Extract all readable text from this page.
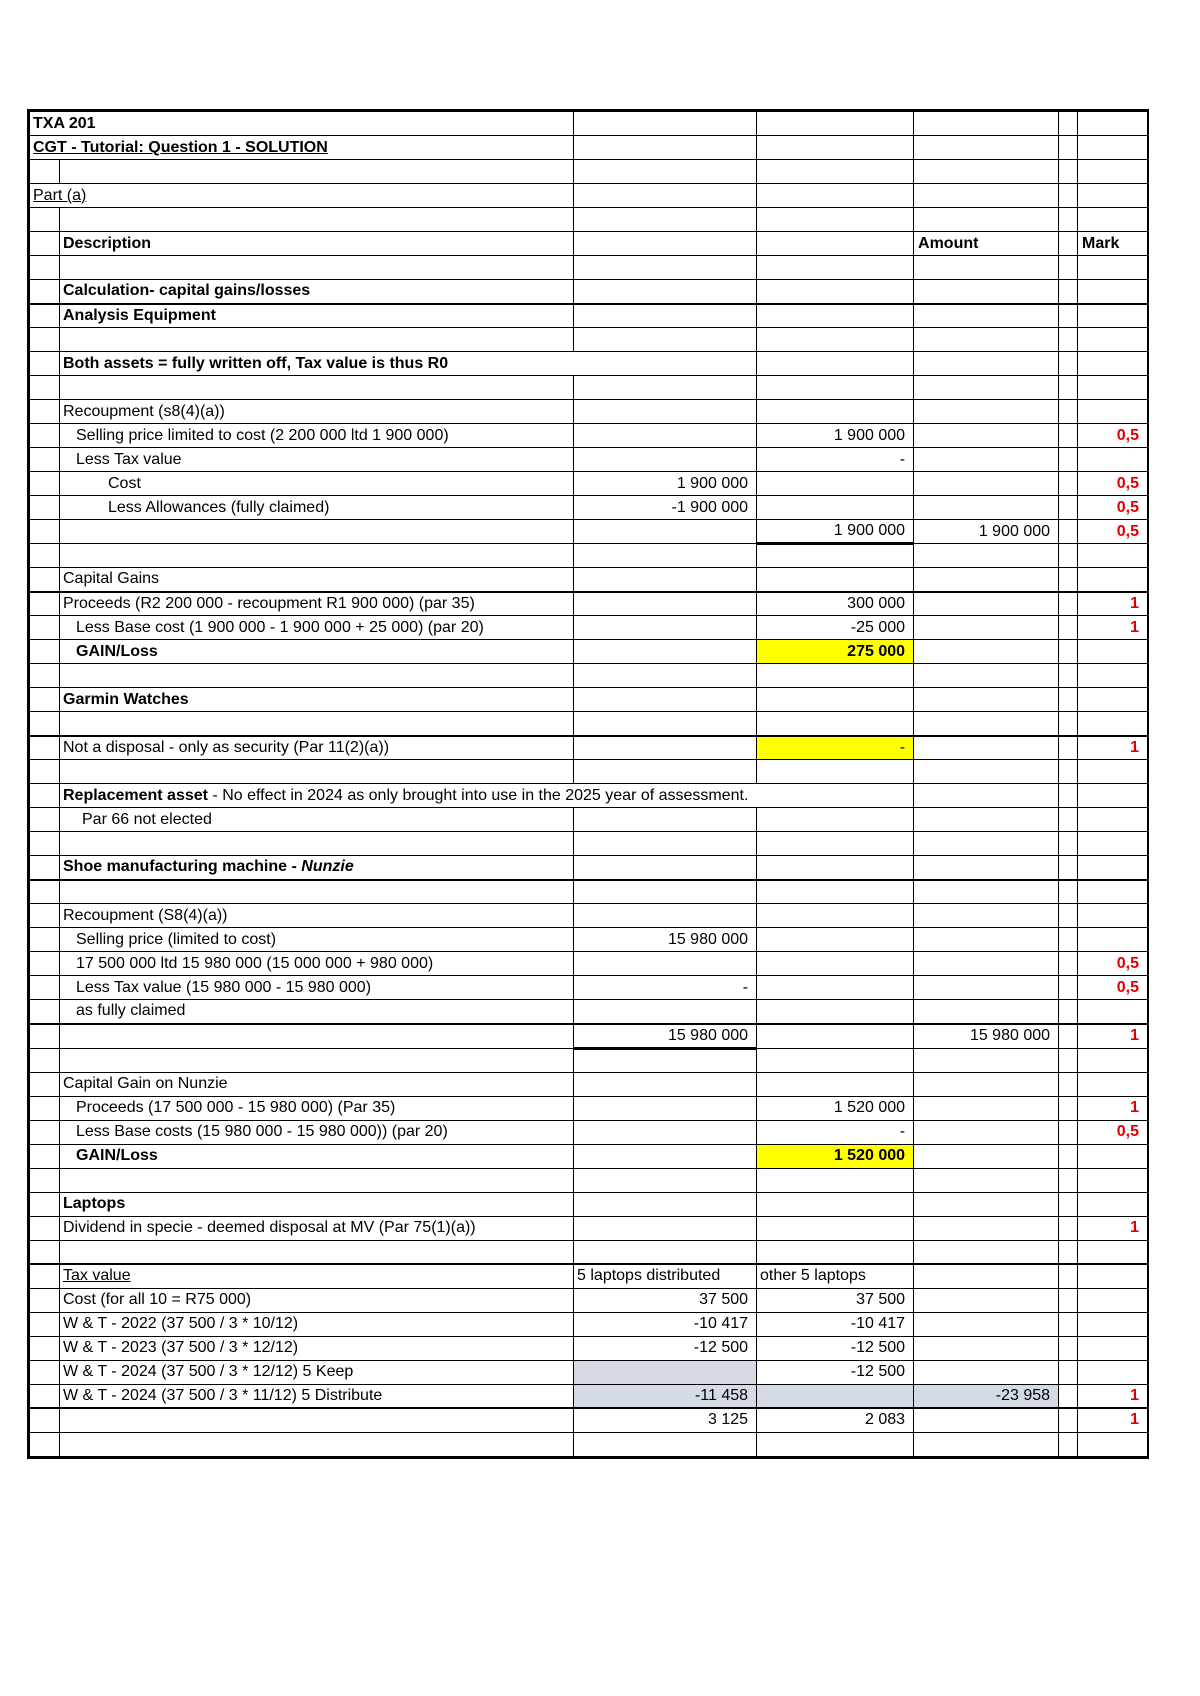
TXA 201						
CGT - Tutorial: Question 1 - SOLUTION						

Part (a)						

	Description			Amount		Mark

	Calculation- capital gains/losses					
	Analysis Equipment					

	Both assets = fully written off, Tax value is thus R0					

	Recoupment (s8(4)(a))					
	Selling price limited to cost (2 200 000 ltd 1 900 000)		1 900 000			0,5
	Less Tax value		-			
	Cost	1 900 000				0,5
	Less Allowances (fully claimed)	-1 900 000				0,5
			1 900 000	1 900 000		0,5

	Capital Gains					
	Proceeds (R2 200 000 - recoupment R1 900 000) (par 35)		300 000			1
	Less Base cost (1 900 000 - 1 900 000 + 25 000) (par 20)		-25 000			1
	GAIN/Loss		275 000			

	Garmin Watches					

	Not a disposal - only as security (Par 11(2)(a))		-			1

	Replacement asset - No effect in 2024 as only brought into use in the 2025 year of assessment.					
	Par 66 not elected					

	Shoe manufacturing machine - Nunzie					

	Recoupment (S8(4)(a))					
	Selling price (limited to cost)	15 980 000				
	17 500 000 ltd 15 980 000 (15 000 000 + 980 000)					0,5
	Less Tax value (15 980 000 - 15 980 000)	-				0,5
	as fully claimed					
		15 980 000		15 980 000		1

	Capital Gain on Nunzie					
	Proceeds (17 500 000 - 15 980 000) (Par 35)		1 520 000			1
	Less Base costs (15 980 000 - 15 980 000)) (par 20)		-			0,5
	GAIN/Loss		1 520 000			

	Laptops					
	Dividend in specie - deemed disposal at MV (Par 75(1)(a))					1

	Tax value	5 laptops distributed	other 5 laptops			
	Cost (for all 10 = R75 000)	37 500	37 500			
	W & T - 2022 (37 500 / 3 * 10/12)	-10 417	-10 417			
	W & T - 2023 (37 500 / 3 * 12/12)	-12 500	-12 500			
	W & T - 2024 (37 500 / 3 * 12/12) 5 Keep		-12 500			
	W & T - 2024 (37 500 / 3 * 11/12) 5 Distribute	-11 458		-23 958		1
		3 125	2 083			1
